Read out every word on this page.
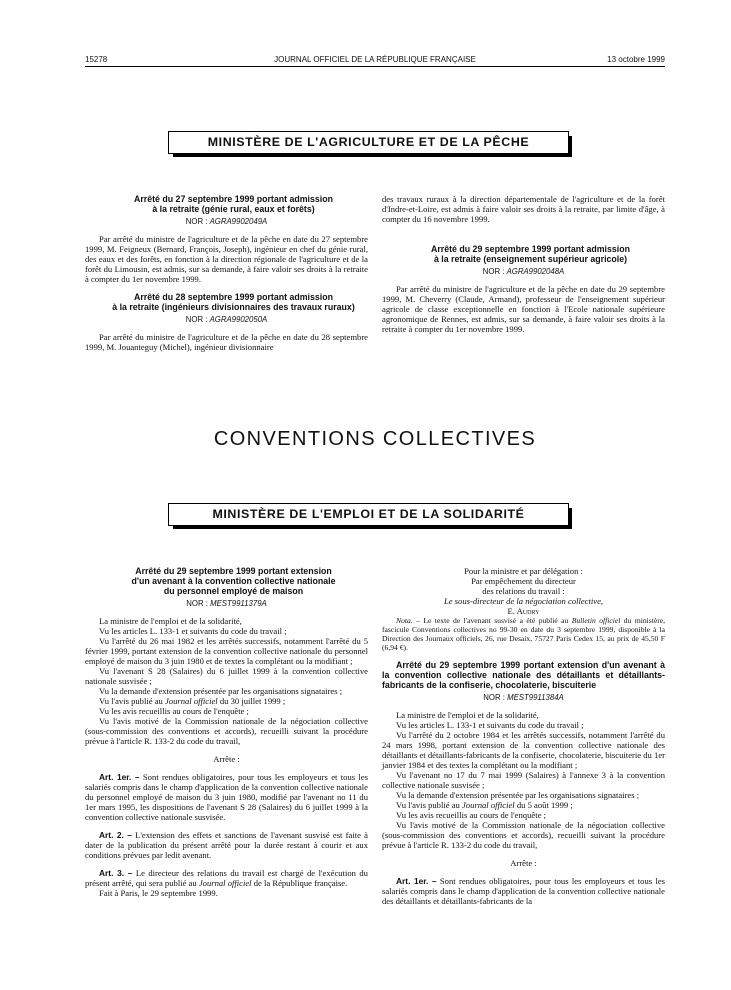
15278	JOURNAL OFFICIEL DE LA RÉPUBLIQUE FRANÇAISE	13 octobre 1999
MINISTÈRE DE L'AGRICULTURE ET DE LA PÊCHE

Arrêté du 27 septembre 1999 portant admission

à la retraite (génie rural, eaux et forêts)

NOR : AGRA9902049A

Par arrêté du ministre de l'agriculture et de la pêche en date du 27 septembre 1999, M. Feigneux (Bernard, François, Joseph), ingénieur en chef du génie rural, des eaux et des forêts, en fonction à la direction régionale de l'agriculture et de la forêt du Limousin, est admis, sur sa demande, à faire valoir ses droits à la retraite à compter du 1er novembre 1999.

Arrêté du 28 septembre 1999 portant admission

à la retraite (ingénieurs divisionnaires des travaux ruraux)

NOR : AGRA9902050A

Par arrêté du ministre de l'agriculture et de la pêche en date du 28 septembre 1999, M. Jouanteguy (Michel), ingénieur divisionnaire

des travaux ruraux à la direction départementale de l'agriculture et de la forêt d'Indre-et-Loire, est admis à faire valoir ses droits à la retraite, par limite d'âge, à compter du 16 novembre 1999.

Arrêté du 29 septembre 1999 portant admission

à la retraite (enseignement supérieur agricole)

NOR : AGRA9902048A

Par arrêté du ministre de l'agriculture et de la pêche en date du 29 septembre 1999, M. Cheverry (Claude, Armand), professeur de l'enseignement supérieur agricole de classe exceptionnelle en fonction à l'Ecole nationale supérieure agronomique de Rennes, est admis, sur sa demande, à faire valoir ses droits à la retraite à compter du 1er novembre 1999.

CONVENTIONS COLLECTIVES
MINISTÈRE DE L'EMPLOI ET DE LA SOLIDARITÉ

Arrêté du 29 septembre 1999 portant extension

d'un avenant à la convention collective nationale

du personnel employé de maison

NOR : MEST9911379A

La ministre de l'emploi et de la solidarité,

Vu les articles L. 133-1 et suivants du code du travail ;

Vu l'arrêté du 26 mai 1982 et les arrêtés successifs, notamment l'arrêté du 5 février 1999, portant extension de la convention collective nationale du personnel employé de maison du 3 juin 1980 et de textes la complétant ou la modifiant ;

Vu l'avenant S 28 (Salaires) du 6 juillet 1999 à la convention collective nationale susvisée ;

Vu la demande d'extension présentée par les organisations signataires ;

Vu l'avis publié au Journal officiel du 30 juillet 1999 ;

Vu les avis recueillis au cours de l'enquête ;

Vu l'avis motivé de la Commission nationale de la négociation collective (sous-commission des conventions et accords), recueilli suivant la procédure prévue à l'article R. 133-2 du code du travail,

Arrête :

Art. 1er. – Sont rendues obligatoires, pour tous les employeurs et tous les salariés compris dans le champ d'application de la convention collective nationale du personnel employé de maison du 3 juin 1980, modifié par l'avenant no 11 du 1er mars 1995, les dispositions de l'avenant S 28 (Salaires) du 6 juillet 1999 à la convention collective nationale susvisée.

Art. 2. – L'extension des effets et sanctions de l'avenant susvisé est faite à dater de la publication du présent arrêté pour la durée restant à courir et aux conditions prévues par ledit avenant.

Art. 3. – Le directeur des relations du travail est chargé de l'exécution du présent arrêté, qui sera publié au Journal officiel de la République française.

Fait à Paris, le 29 septembre 1999.

Pour la ministre et par délégation :

Par empêchement du directeur

des relations du travail :

Le sous-directeur de la négociation collective,

E. Audry

Nota. – Le texte de l'avenant susvisé a été publié au Bulletin officiel du ministère, fascicule Conventions collectives no 99-30 en date du 3 septembre 1999, disponible à la Direction des Journaux officiels, 26, rue Desaix, 75727 Paris Cedex 15, au prix de 45,50 F (6,94 €).

Arrêté du 29 septembre 1999 portant extension d'un avenant à la convention collective nationale des détaillants et détaillants-fabricants de la confiserie, chocolaterie, biscuiterie

NOR : MEST9911384A

La ministre de l'emploi et de la solidarité,

Vu les articles L. 133-1 et suivants du code du travail ;

Vu l'arrêté du 2 octobre 1984 et les arrêtés successifs, notamment l'arrêté du 24 mars 1998, portant extension de la convention collective nationale des détaillants et détaillants-fabricants de la confiserie, chocolaterie, biscuiterie du 1er janvier 1984 et des textes la complétant ou la modifiant ;

Vu l'avenant no 17 du 7 mai 1999 (Salaires) à l'annexe 3 à la convention collective nationale susvisée ;

Vu la demande d'extension présentée par les organisations signataires ;

Vu l'avis publié au Journal officiel du 5 août 1999 ;

Vu les avis recueillis au cours de l'enquête ;

Vu l'avis motivé de la Commission nationale de la négociation collective (sous-commission des conventions et accords), recueilli suivant la procédure prévue à l'article R. 133-2 du code du travail,

Arrête :

Art. 1er. – Sont rendues obligatoires, pour tous les employeurs et tous les salariés compris dans le champ d'application de la convention collective nationale des détaillants et détaillants-fabricants de la
